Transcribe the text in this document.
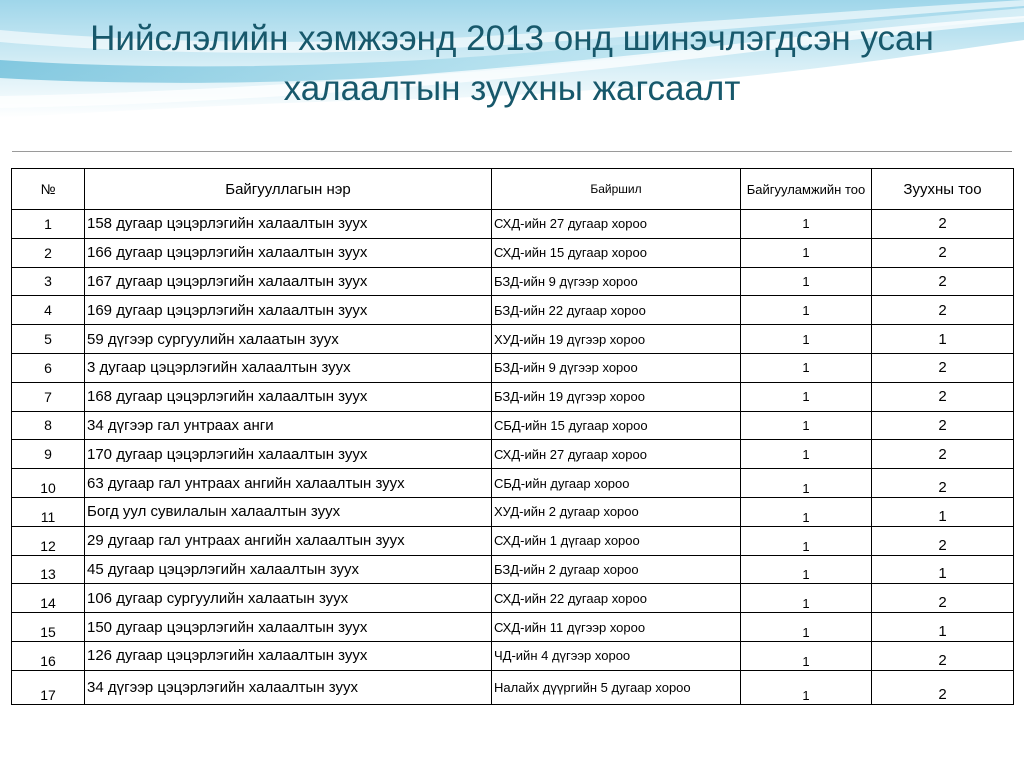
Нийслэлийн хэмжээнд 2013 онд шинэчлэгдсэн усан халаалтын зуухны жагсаалт
№	Байгууллагын нэр	Байршил	Байгууламжийн тоо	Зуухны тоо
1	158 дугаар цэцэрлэгийн халаалтын зуух	СХД-ийн 27 дугаар хороо	1	2
2	166 дугаар цэцэрлэгийн халаалтын зуух	СХД-ийн 15 дугаар хороо	1	2
3	167 дугаар цэцэрлэгийн халаалтын зуух	БЗД-ийн 9 дүгээр хороо	1	2
4	169 дугаар цэцэрлэгийн халаалтын зуух	БЗД-ийн 22 дугаар хороо	1	2
5	59 дүгээр сургуулийн халаатын зуух	ХУД-ийн 19 дүгээр хороо	1	1
6	3 дугаар цэцэрлэгийн халаалтын зуух	БЗД-ийн 9 дүгээр хороо	1	2
7	168 дугаар цэцэрлэгийн халаалтын зуух	БЗД-ийн 19 дүгээр хороо	1	2
8	34 дүгээр гал унтраах анги	СБД-ийн 15 дугаар хороо	1	2
9	170 дугаар цэцэрлэгийн халаалтын зуух	СХД-ийн 27 дугаар хороо	1	2
10	63 дугаар гал унтраах ангийн халаалтын зуух	СБД-ийн дугаар хороо	1	2
11	Богд уул сувилалын халаалтын зуух	ХУД-ийн 2 дугаар хороо	1	1
12	29 дугаар гал унтраах ангийн халаалтын зуух	СХД-ийн 1 дүгаар хороо	1	2
13	45 дугаар цэцэрлэгийн халаалтын зуух	БЗД-ийн 2 дугаар хороо	1	1
14	106 дугаар сургуулийн халаатын зуух	СХД-ийн 22 дугаар хороо	1	2
15	150 дугаар цэцэрлэгийн халаалтын зуух	СХД-ийн 11 дүгээр хороо	1	1
16	126 дугаар цэцэрлэгийн халаалтын зуух	ЧД-ийн 4 дүгээр хороо	1	2
17	34 дүгээр цэцэрлэгийн халаалтын зуух	Налайх дүүргийн 5 дугаар хороо	1	2
